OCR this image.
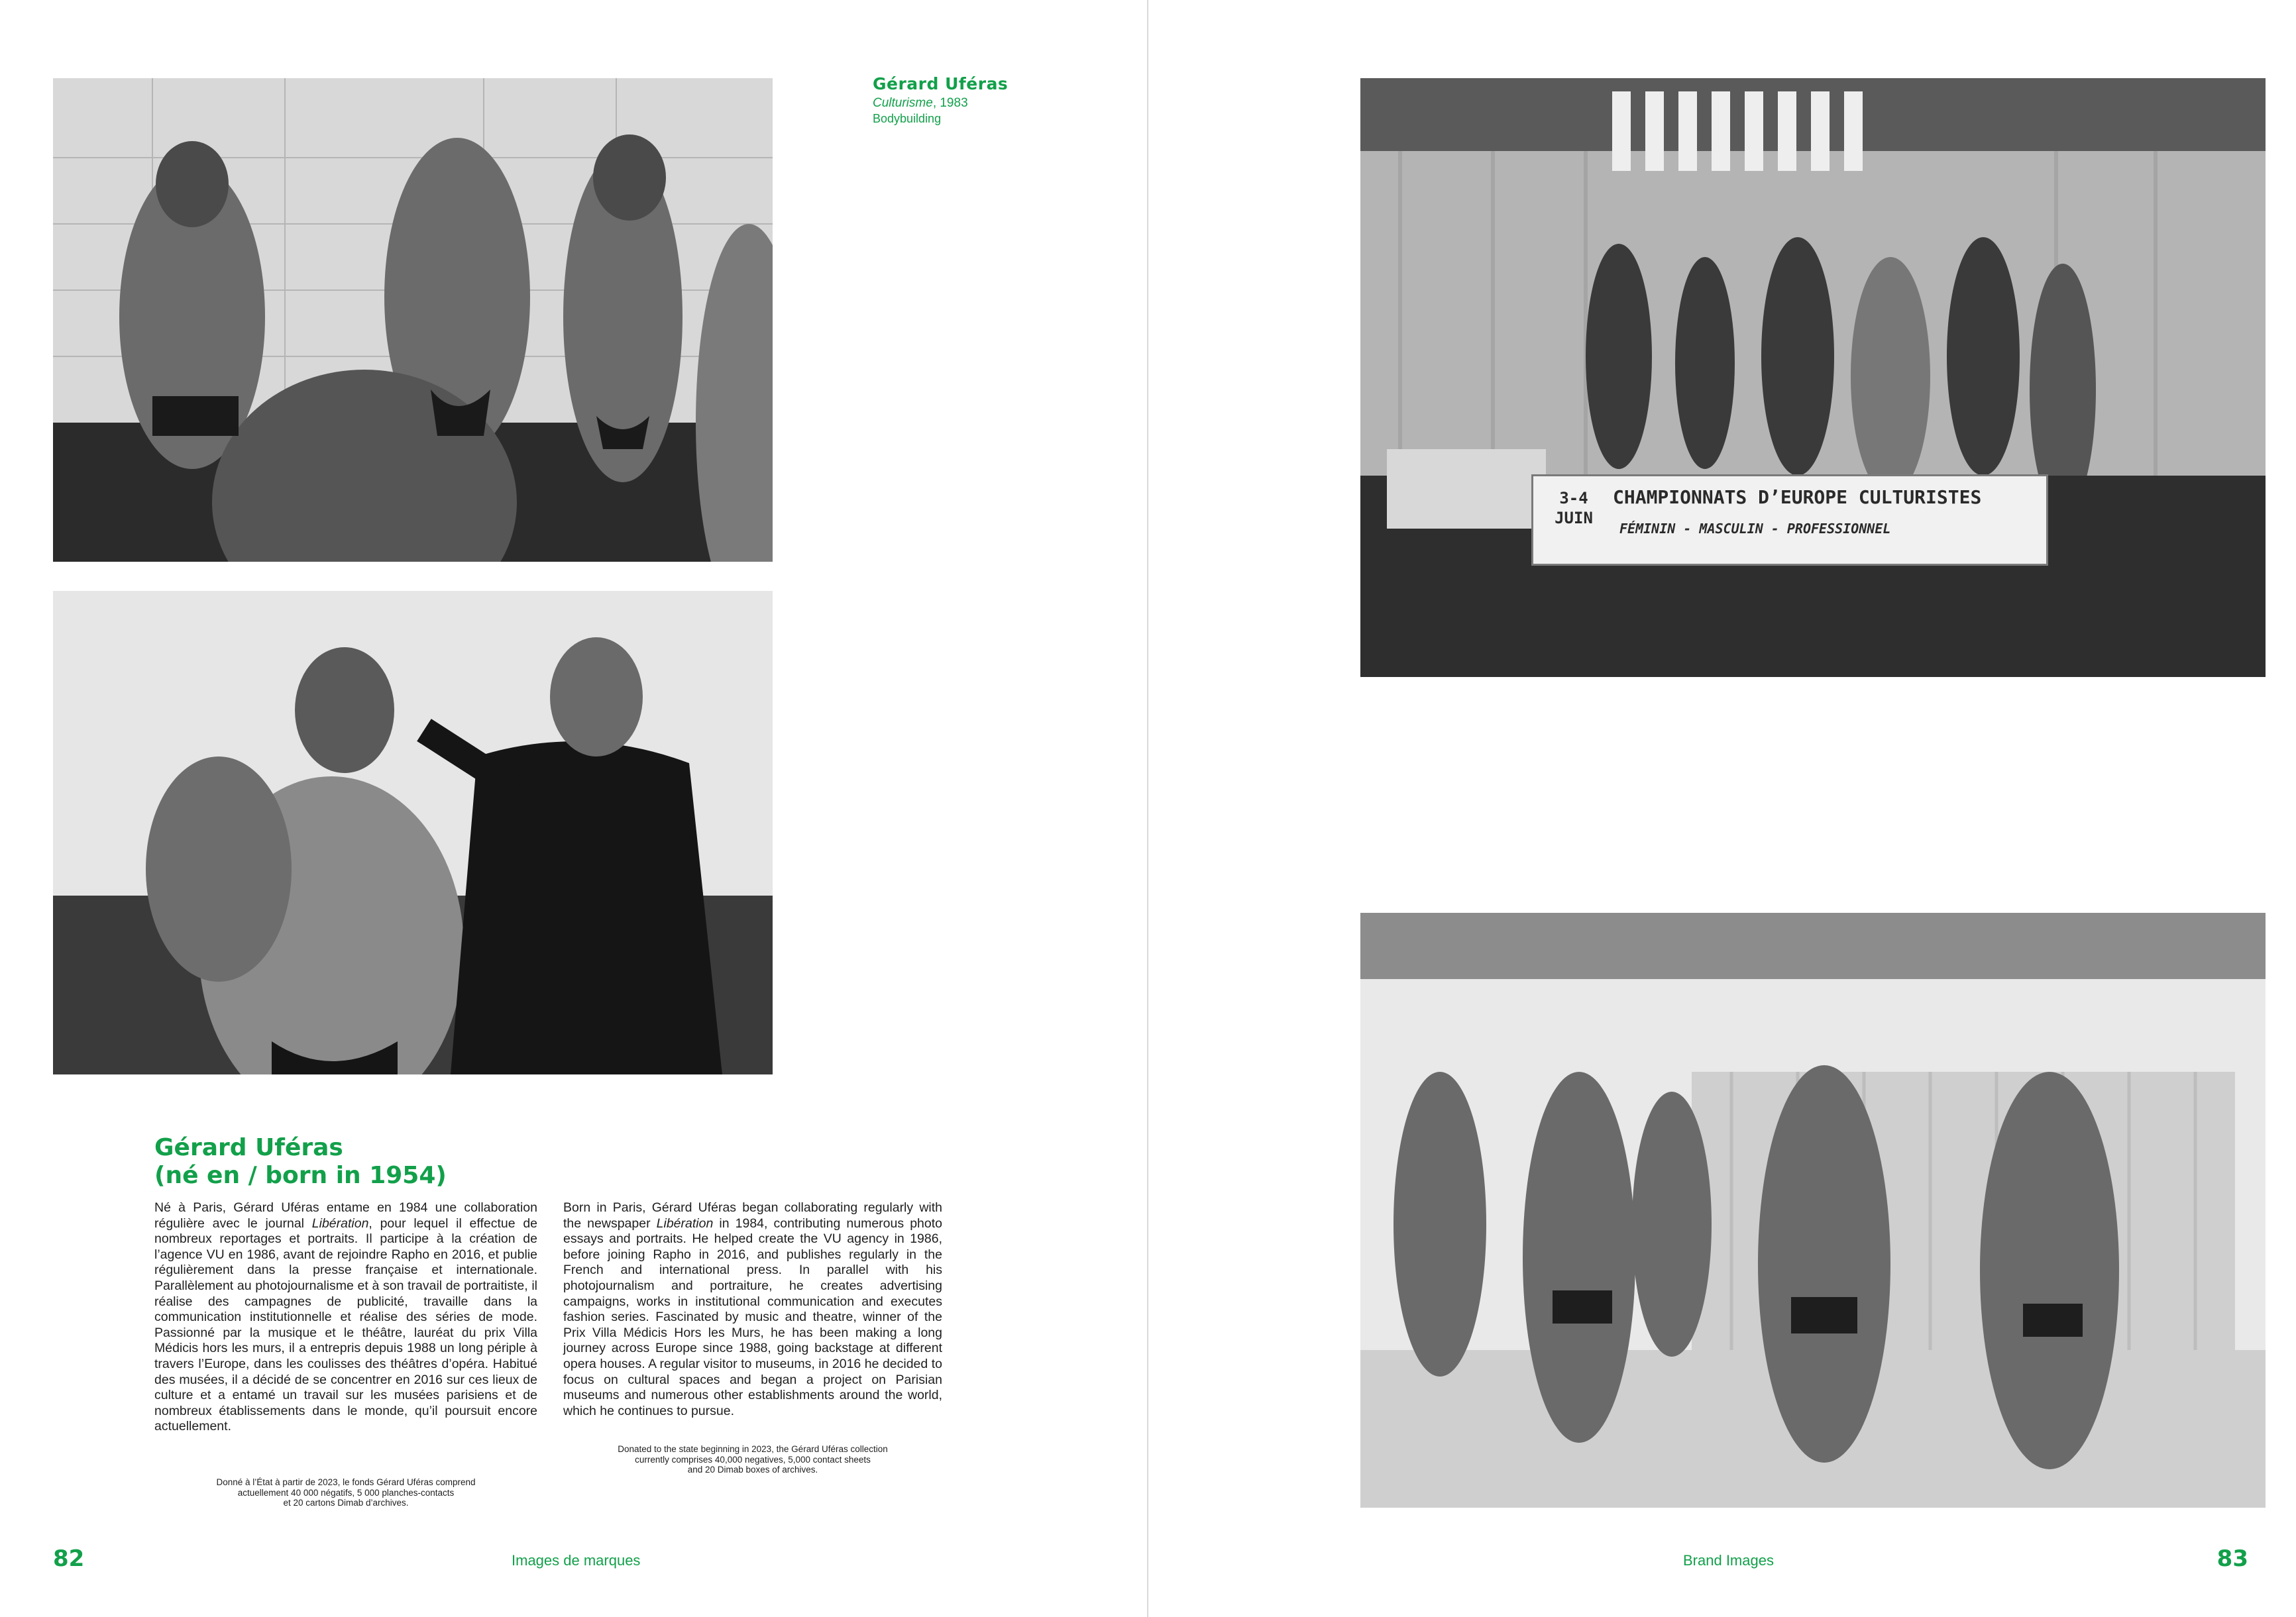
Gérard Uféras
Culturisme, 1983
Bodybuilding
Gérard Uféras
(né en / born in 1954)
Né à Paris, Gérard Uféras entame en 1984 une collaboration régulière avec le journal Libération, pour lequel il effectue de nombreux reportages et portraits. Il participe à la création de l’agence VU en 1986, avant de rejoindre Rapho en 2016, et publie régulièrement dans la presse française et internationale. Parallèlement au photojournalisme et à son travail de portraitiste, il réalise des campagnes de publicité, travaille dans la communication institutionnelle et réalise des séries de mode. Passionné par la musique et le théâtre, lauréat du prix Villa Médicis hors les murs, il a entrepris depuis 1988 un long périple à travers l’Europe, dans les coulisses des théâtres d’opéra. Habitué des musées, il a décidé de se concentrer en 2016 sur ces lieux de culture et a entamé un travail sur les musées parisiens et de nombreux établissements dans le monde, qu’il poursuit encore actuellement.
Born in Paris, Gérard Uféras began collaborating regularly with the newspaper Libération in 1984, contributing numerous photo essays and portraits. He helped create the VU agency in 1986, before joining Rapho in 2016, and publishes regularly in the French and international press. In parallel with his photojournalism and portraiture, he creates advertising campaigns, works in institutional communication and executes fashion series. Fascinated by music and theatre, winner of the Prix Villa Médicis Hors les Murs, he has been making a long journey across Europe since 1988, going backstage at different opera houses. A regular visitor to museums, in 2016 he decided to focus on cultural spaces and began a project on Parisian museums and numerous other establishments around the world, which he continues to pursue.
Donné à l’État à partir de 2023, le fonds Gérard Uféras comprend
actuellement 40 000 négatifs, 5 000 planches-contacts
et 20 cartons Dimab d’archives.
Donated to the state beginning in 2023, the Gérard Uféras collection
currently comprises 40,000 negatives, 5,000 contact sheets
and 20 Dimab boxes of archives.
82	Images de marques
3-4
JUIN
CHAMPIONNATS D’EUROPE CULTURISTES
FÉMININ - MASCULIN - PROFESSIONNEL
Brand Images	83
